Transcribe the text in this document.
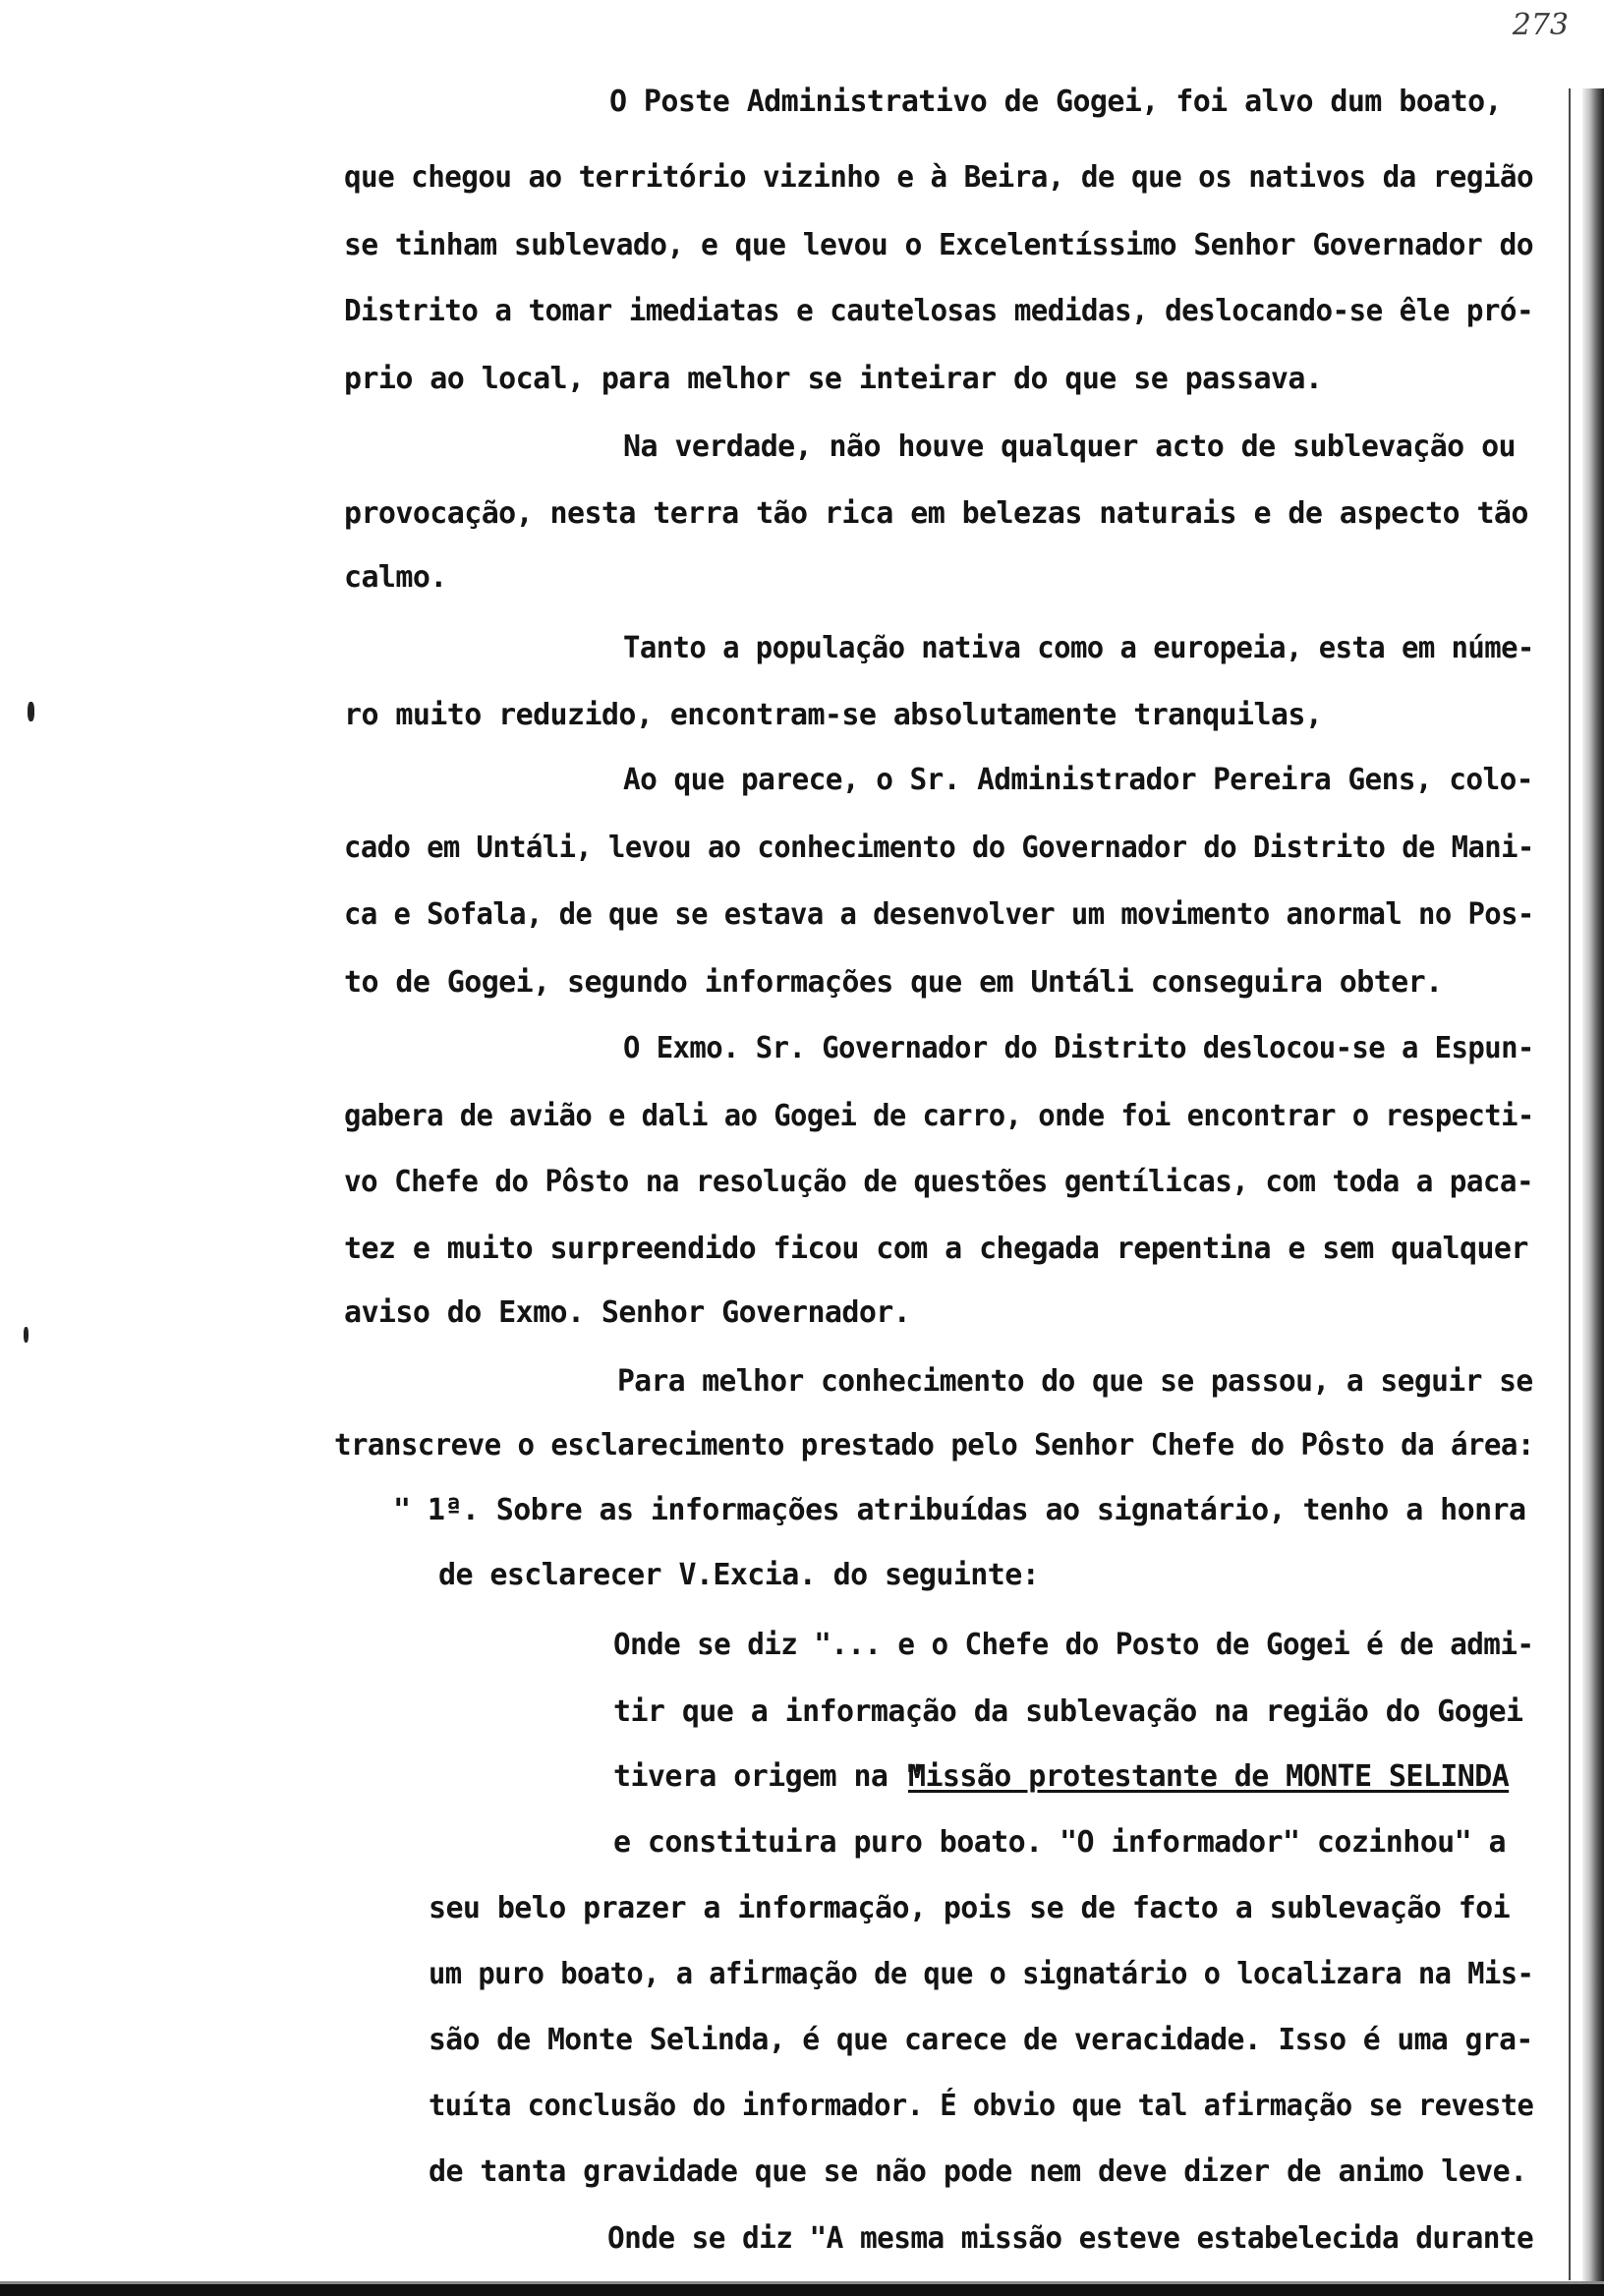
273
O Poste Administrativo de Gogei, foi alvo dum boato,
que chegou ao território vizinho e à Beira, de que os nativos da região
se tinham sublevado, e que levou o Excelentíssimo Senhor Governador do
Distrito a tomar imediatas e cautelosas medidas, deslocando-se êle pró-
prio ao local, para melhor se inteirar do que se passava.
Na verdade, não houve qualquer acto de sublevação ou
provocação, nesta terra tão rica em belezas naturais e de aspecto tão
calmo.
Tanto a população nativa como a europeia, esta em núme-
ro muito reduzido, encontram-se absolutamente tranquilas,
Ao que parece, o Sr. Administrador Pereira Gens, colo-
cado em Untáli, levou ao conhecimento do Governador do Distrito de Mani-
ca e Sofala, de que se estava a desenvolver um movimento anormal no Pos-
to de Gogei, segundo informações que em Untáli conseguira obter.
O Exmo. Sr. Governador do Distrito deslocou-se a Espun-
gabera de avião e dali ao Gogei de carro, onde foi encontrar o respecti-
vo Chefe do Pôsto na resolução de questões gentílicas, com toda a paca-
tez e muito surpreendido ficou com a chegada repentina e sem qualquer
aviso do Exmo. Senhor Governador.
Para melhor conhecimento do que se passou, a seguir se
transcreve o esclarecimento prestado pelo Senhor Chefe do Pôsto da área:
" 1ª. Sobre as informações atribuídas ao signatário, tenho a honra
de esclarecer V.Excia. do seguinte:
Onde se diz "... e o Chefe do Posto de Gogei é de admi-
tir que a informação da sublevação na região do Gogei
tivera origem na "
Missão protestante de MONTE SELINDA
e constituira puro boato. "O informador" cozinhou" a
seu belo prazer a informação, pois se de facto a sublevação foi
um puro boato, a afirmação de que o signatário o localizara na Mis-
são de Monte Selinda, é que carece de veracidade. Isso é uma gra-
tuíta conclusão do informador. É obvio que tal afirmação se reveste
de tanta gravidade que se não pode nem deve dizer de animo leve.
Onde se diz "A mesma missão esteve estabelecida durante
